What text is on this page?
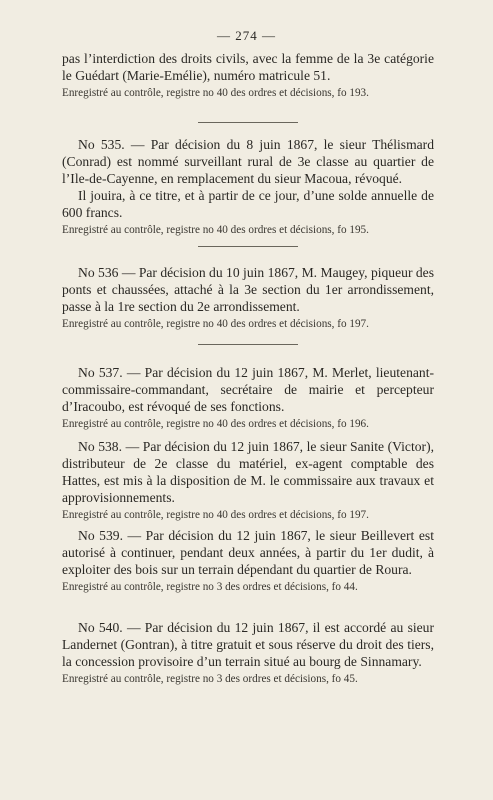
— 274 —

pas l’interdiction des droits civils, avec la femme de la 3e catégorie le Guédart (Marie-Emélie), numéro matricule 51.

Enregistré au contrôle, registre no 40 des ordres et décisions, fo 193.

No 535. — Par décision du 8 juin 1867, le sieur Thélismard (Conrad) est nommé surveillant rural de 3e classe au quartier de l’Ile-de-Cayenne, en remplacement du sieur Macoua, révoqué.

Il jouira, à ce titre, et à partir de ce jour, d’une solde annuelle de 600 francs.

Enregistré au contrôle, registre no 40 des ordres et décisions, fo 195.

No 536 — Par décision du 10 juin 1867, M. Maugey, piqueur des ponts et chaussées, attaché à la 3e section du 1er arrondissement, passe à la 1re section du 2e arrondissement.

Enregistré au contrôle, registre no 40 des ordres et décisions, fo 197.

No 537. — Par décision du 12 juin 1867, M. Merlet, lieutenant-commissaire-commandant, secrétaire de mairie et percepteur d’Iracoubo, est révoqué de ses fonctions.

Enregistré au contrôle, registre no 40 des ordres et décisions, fo 196.

No 538. — Par décision du 12 juin 1867, le sieur Sanite (Victor), distributeur de 2e classe du matériel, ex-agent comptable des Hattes, est mis à la disposition de M. le commissaire aux travaux et approvisionnements.

Enregistré au contrôle, registre no 40 des ordres et décisions, fo 197.

No 539. — Par décision du 12 juin 1867, le sieur Beillevert est autorisé à continuer, pendant deux années, à partir du 1er dudit, à exploiter des bois sur un terrain dépendant du quartier de Roura.

Enregistré au contrôle, registre no 3 des ordres et décisions, fo 44.

No 540. — Par décision du 12 juin 1867, il est accordé au sieur Landernet (Gontran), à titre gratuit et sous réserve du droit des tiers, la concession provisoire d’un terrain situé au bourg de Sinnamary.

Enregistré au contrôle, registre no 3 des ordres et décisions, fo 45.
